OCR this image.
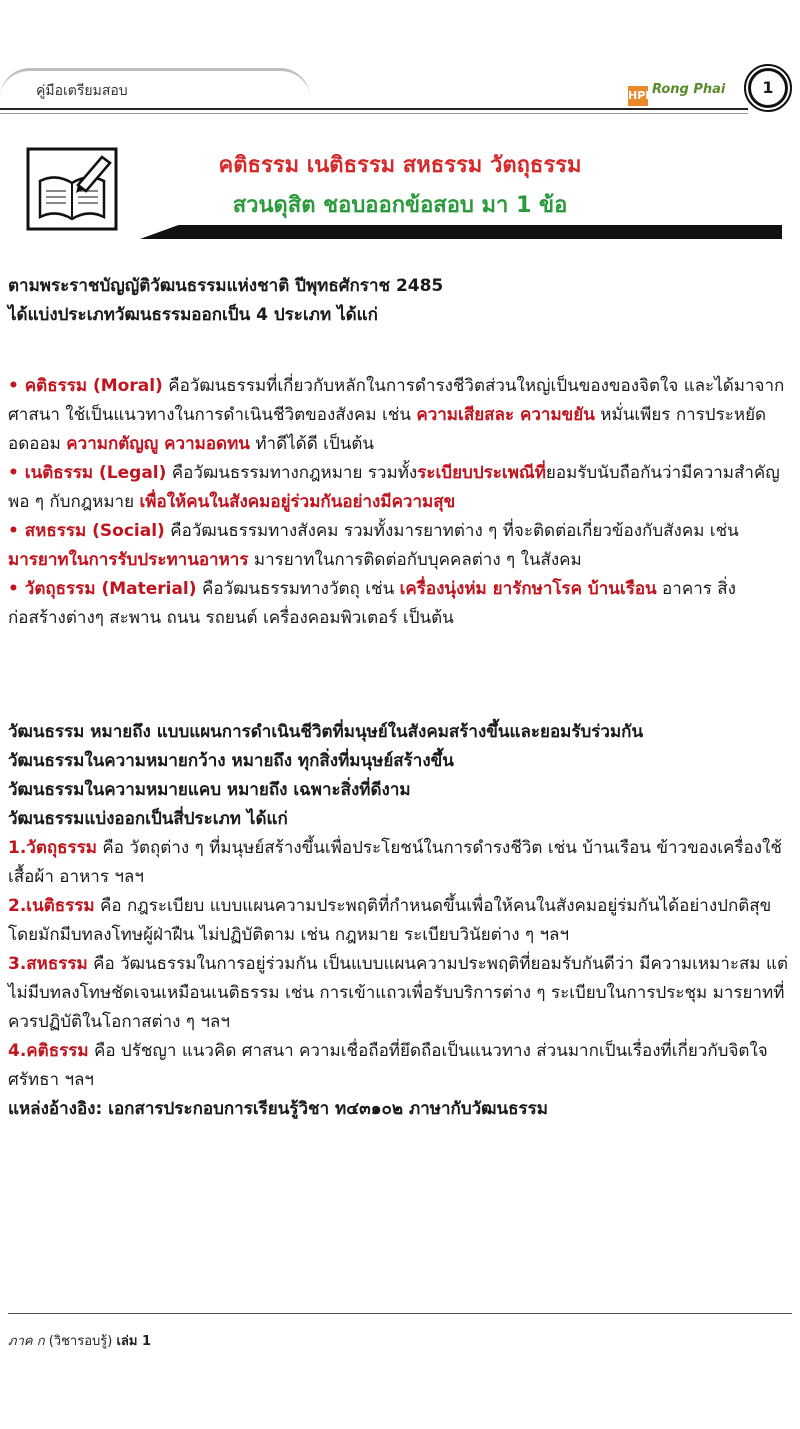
คู่มือเตรียมสอบ	HPI Rong Phai	1
คติธรรม เนติธรรม สหธรรม วัตถุธรรม
สวนดุสิต ชอบออกข้อสอบ มา 1 ข้อ

ตามพระราชบัญญัติวัฒนธรรมแห่งชาติ ปีพุทธศักราช 2485

ได้แบ่งประเภทวัฒนธรรมออกเป็น 4 ประเภท ได้แก่

• คติธรรม (Moral) คือวัฒนธรรมที่เกี่ยวกับหลักในการดำรงชีวิตส่วนใหญ่เป็นของของจิตใจ และได้มาจากศาสนา ใช้เป็นแนวทางในการดำเนินชีวิตของสังคม เช่น ความเสียสละ ความขยัน หมั่นเพียร การประหยัดอดออม ความกตัญญู ความอดทน ทำดีได้ดี เป็นต้น

• เนติธรรม (Legal) คือวัฒนธรรมทางกฎหมาย รวมทั้งระเบียบประเพณีที่ยอมรับนับถือกันว่ามีความสำคัญพอ ๆ กับกฎหมาย เพื่อให้คนในสังคมอยู่ร่วมกันอย่างมีความสุข

• สหธรรม (Social) คือวัฒนธรรมทางสังคม รวมทั้งมารยาทต่าง ๆ ที่จะติดต่อเกี่ยวข้องกับสังคม เช่น มารยาทในการรับประทานอาหาร มารยาทในการติดต่อกับบุคคลต่าง ๆ ในสังคม

• วัตถุธรรม (Material) คือวัฒนธรรมทางวัตถุ เช่น เครื่องนุ่งห่ม ยารักษาโรค บ้านเรือน อาคาร สิ่งก่อสร้างต่างๆ สะพาน ถนน รถยนต์ เครื่องคอมพิวเตอร์ เป็นต้น

วัฒนธรรม หมายถึง แบบแผนการดำเนินชีวิตที่มนุษย์ในสังคมสร้างขึ้นและยอมรับร่วมกัน

วัฒนธรรมในความหมายกว้าง หมายถึง ทุกสิ่งที่มนุษย์สร้างขึ้น

วัฒนธรรมในความหมายแคบ หมายถึง เฉพาะสิ่งที่ดีงาม

วัฒนธรรมแบ่งออกเป็นสี่ประเภท ได้แก่

1.วัตถุธรรม คือ วัตถุต่าง ๆ ที่มนุษย์สร้างขึ้นเพื่อประโยชน์ในการดำรงชีวิต เช่น บ้านเรือน ข้าวของเครื่องใช้ เสื้อผ้า อาหาร ฯลฯ

2.เนติธรรม คือ กฎระเบียบ แบบแผนความประพฤติที่กำหนดขึ้นเพื่อให้คนในสังคมอยู่ร่มกันได้อย่างปกติสุข โดยมักมีบทลงโทษผู้ฝ่าฝืน ไม่ปฏิบัติตาม เช่น กฎหมาย ระเบียบวินัยต่าง ๆ ฯลฯ

3.สหธรรม คือ วัฒนธรรมในการอยู่ร่วมกัน เป็นแบบแผนความประพฤติที่ยอมรับกันดีว่า มีความเหมาะสม แต่ไม่มีบทลงโทษชัดเจนเหมือนเนติธรรม เช่น การเข้าแถวเพื่อรับบริการต่าง ๆ ระเบียบในการประชุม มารยาทที่ควรปฏิบัติในโอกาสต่าง ๆ ฯลฯ

4.คติธรรม คือ ปรัชญา แนวคิด ศาสนา ความเชื่อถือที่ยึดถือเป็นแนวทาง ส่วนมากเป็นเรื่องที่เกี่ยวกับจิตใจ ศรัทธา ฯลฯ

แหล่งอ้างอิง: เอกสารประกอบการเรียนรู้วิชา ท๔๓๑๐๒ ภาษากับวัฒนธรรม

ภาค ก (วิชารอบรู้) เล่ม 1
